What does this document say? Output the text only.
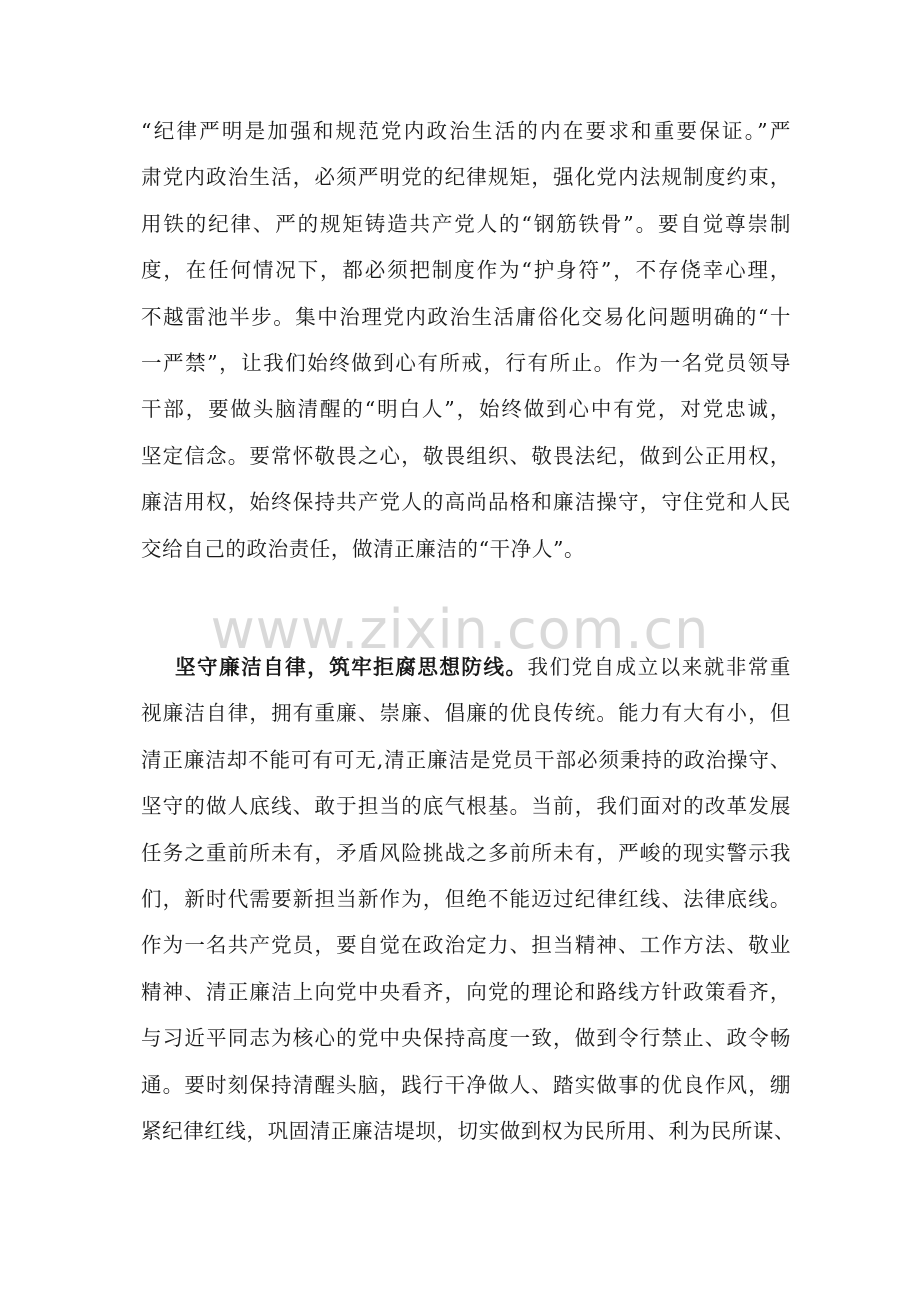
www.zixin.com.cn
“纪律严明是加强和规范党内政治生活的内在要求和重要保证。”严
肃党内政治生活，必须严明党的纪律规矩，强化党内法规制度约束，
用铁的纪律、严的规矩铸造共产党人的“钢筋铁骨”。要自觉尊崇制
度，在任何情况下，都必须把制度作为“护身符”，不存侥幸心理，
不越雷池半步。集中治理党内政治生活庸俗化交易化问题明确的“十
一严禁”，让我们始终做到心有所戒，行有所止。作为一名党员领导
干部，要做头脑清醒的“明白人”，始终做到心中有党，对党忠诚，
坚定信念。要常怀敬畏之心，敬畏组织、敬畏法纪，做到公正用权，
廉洁用权，始终保持共产党人的高尚品格和廉洁操守，守住党和人民
交给自己的政治责任，做清正廉洁的“干净人”。
坚守廉洁自律，筑牢拒腐思想防线。我们党自成立以来就非常重
视廉洁自律，拥有重廉、崇廉、倡廉的优良传统。能力有大有小，但
清正廉洁却不能可有可无,清正廉洁是党员干部必须秉持的政治操守、
坚守的做人底线、敢于担当的底气根基。当前，我们面对的改革发展
任务之重前所未有，矛盾风险挑战之多前所未有，严峻的现实警示我
们，新时代需要新担当新作为，但绝不能迈过纪律红线、法律底线。
作为一名共产党员，要自觉在政治定力、担当精神、工作方法、敬业
精神、清正廉洁上向党中央看齐，向党的理论和路线方针政策看齐，
与习近平同志为核心的党中央保持高度一致，做到令行禁止、政令畅
通。要时刻保持清醒头脑，践行干净做人、踏实做事的优良作风，绷
紧纪律红线，巩固清正廉洁堤坝，切实做到权为民所用、利为民所谋、
